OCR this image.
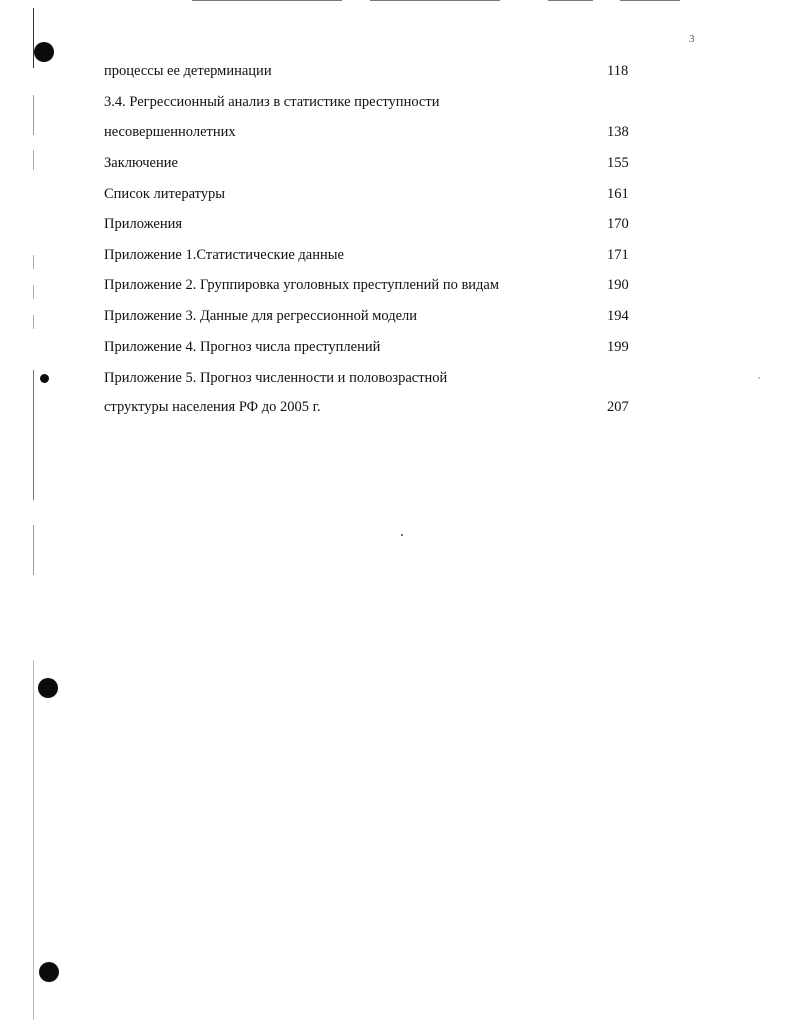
3
процессы ее детерминации	118
3.4. Регрессионный анализ в статистике преступности
несовершеннолетних	138
Заключение	155
Список литературы	161
Приложения	170
Приложение 1.Статистические данные	171
Приложение 2. Группировка уголовных преступлений по видам	190
Приложение 3. Данные для регрессионной модели	194
Приложение 4. Прогноз числа преступлений	199
Приложение 5. Прогноз численности и половозрастной
структуры населения РФ до 2005 г.	207
